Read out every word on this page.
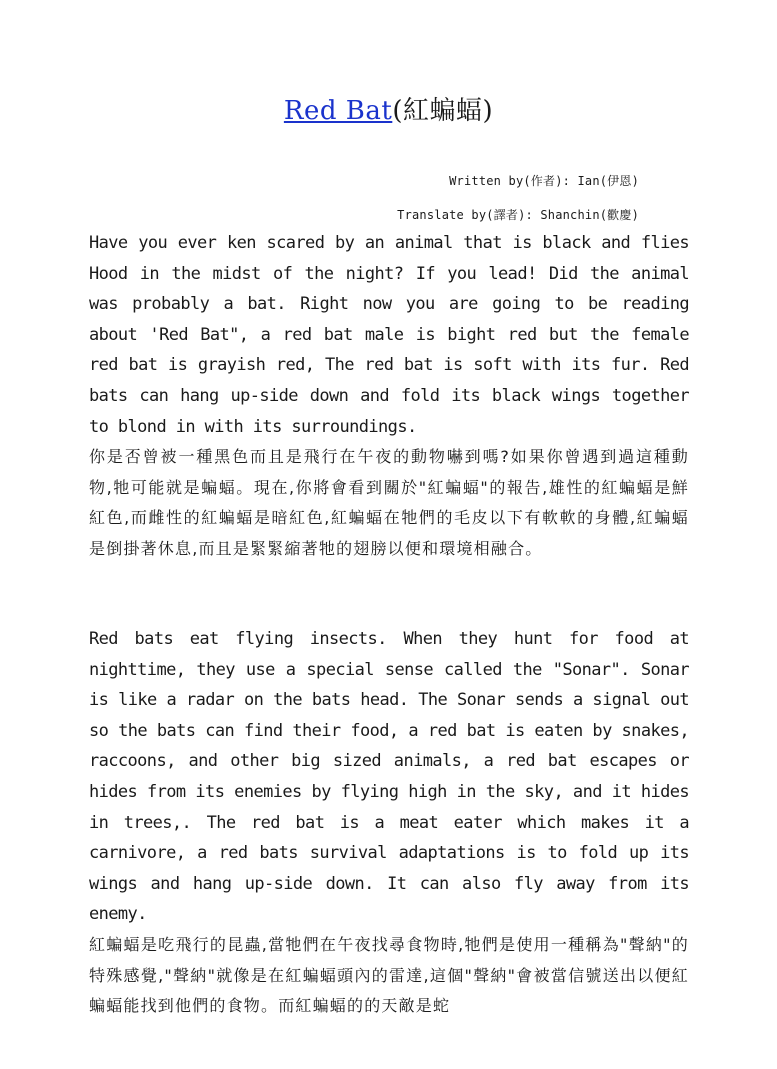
Red Bat(紅蝙蝠)
Written by(作者): Ian(伊恩)
Translate by(譯者): Shanchin(歡慶)

Have you ever ken scared by an animal that is black and flies Hood in the midst of the night? If you lead! Did the animal was probably a bat. Right now you are going to be reading about 'Red Bat", a red bat male is bight red but the female red bat is grayish red, The red bat is soft with its fur. Red bats can hang up-side down and fold its black wings together to blond in with its surroundings.

你是否曾被一種黑色而且是飛行在午夜的動物嚇到嗎?如果你曾遇到過這種動物,牠可能就是蝙蝠。現在,你將會看到關於"紅蝙蝠"的報告,雄性的紅蝙蝠是鮮紅色,而雌性的紅蝙蝠是暗紅色,紅蝙蝠在牠們的毛皮以下有軟軟的身體,紅蝙蝠是倒掛著休息,而且是緊緊縮著牠的翅膀以便和環境相融合。

Red bats eat flying insects. When they hunt for food at nighttime, they use a special sense called the "Sonar". Sonar is like a radar on the bats head. The Sonar sends a signal out so the bats can find their food, a red bat is eaten by snakes, raccoons, and other big sized animals, a red bat escapes or hides from its enemies by flying high in the sky, and it hides in trees,. The red bat is a meat eater which makes it a carnivore, a red bats survival adaptations is to fold up its wings and hang up-side down. It can also fly away from its enemy.

紅蝙蝠是吃飛行的昆蟲,當牠們在午夜找尋食物時,牠們是使用一種稱為"聲納"的特殊感覺,"聲納"就像是在紅蝙蝠頭內的雷達,這個"聲納"會被當信號送出以便紅蝙蝠能找到他們的食物。而紅蝙蝠的的天敵是蛇
